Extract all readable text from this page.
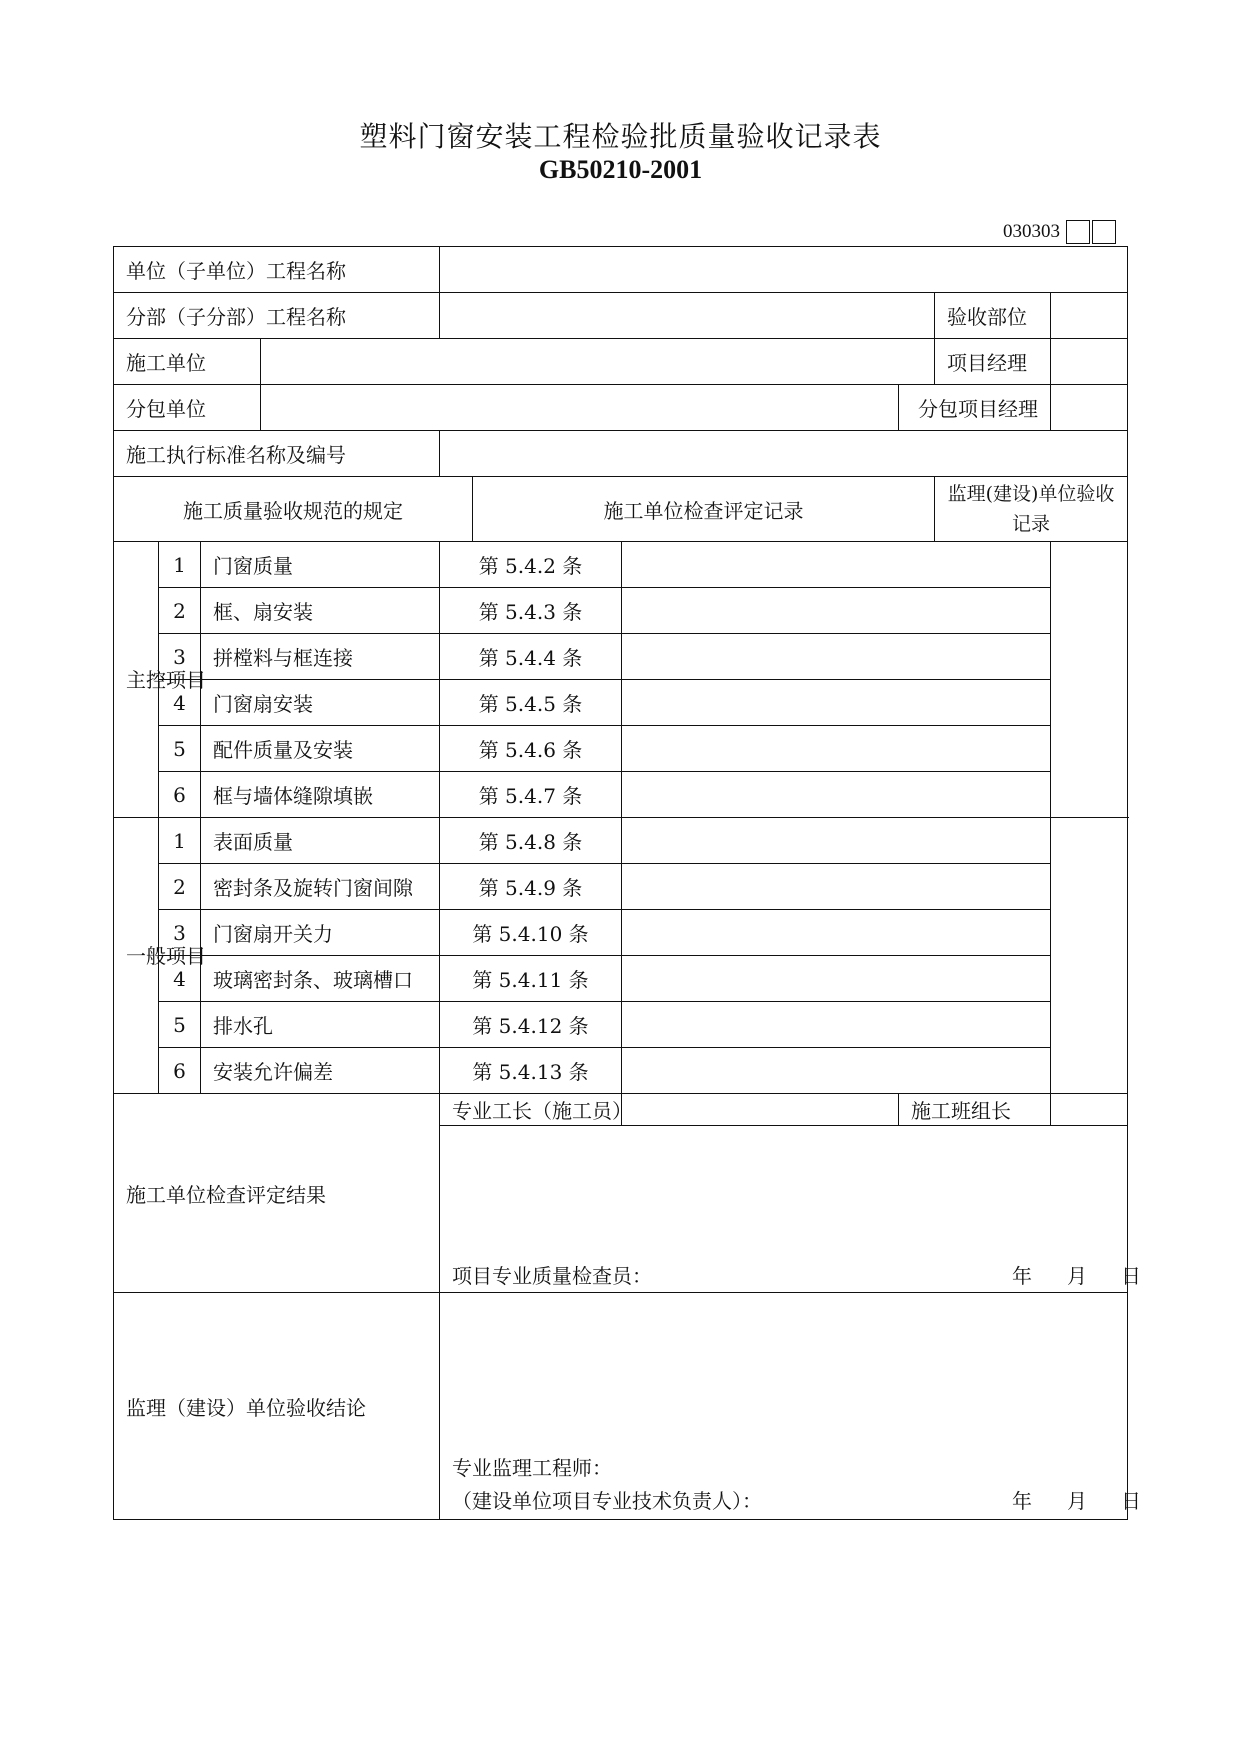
塑料门窗安装工程检验批质量验收记录表
GB50210-2001
030303
单位（子单位）工程名称									
分部（子分部）工程名称								验收部位	
施工单位								项目经理	
分包单位							分包项目经理		
施工执行标准名称及编号									
施工质量验收规范的规定					施工单位检查评定记录			监理(建设)单位验收记录	
主控项目	1	门窗质量		第 5.4.2 条					
	2	框、扇安装		第 5.4.3 条					
	3	拼樘料与框连接		第 5.4.4 条					
	4	门窗扇安装		第 5.4.5 条					
	5	配件质量及安装		第 5.4.6 条					
	6	框与墙体缝隙填嵌		第 5.4.7 条					
一般项目	1	表面质量		第 5.4.8 条					
	2	密封条及旋转门窗间隙		第 5.4.9 条					
	3	门窗扇开关力		第 5.4.10 条					
	4	玻璃密封条、玻璃槽口		第 5.4.11 条					
	5	排水孔		第 5.4.12 条					
	6	安装允许偏差		第 5.4.13 条					
施工单位检查评定结果				专业工长（施工员）			施工班组长		

				项目专业质量检查员： 年 月 日					

监理（建设）单位验收结论				专业监理工程师：
（建设单位项目专业技术负责人）： 年 月 日					
